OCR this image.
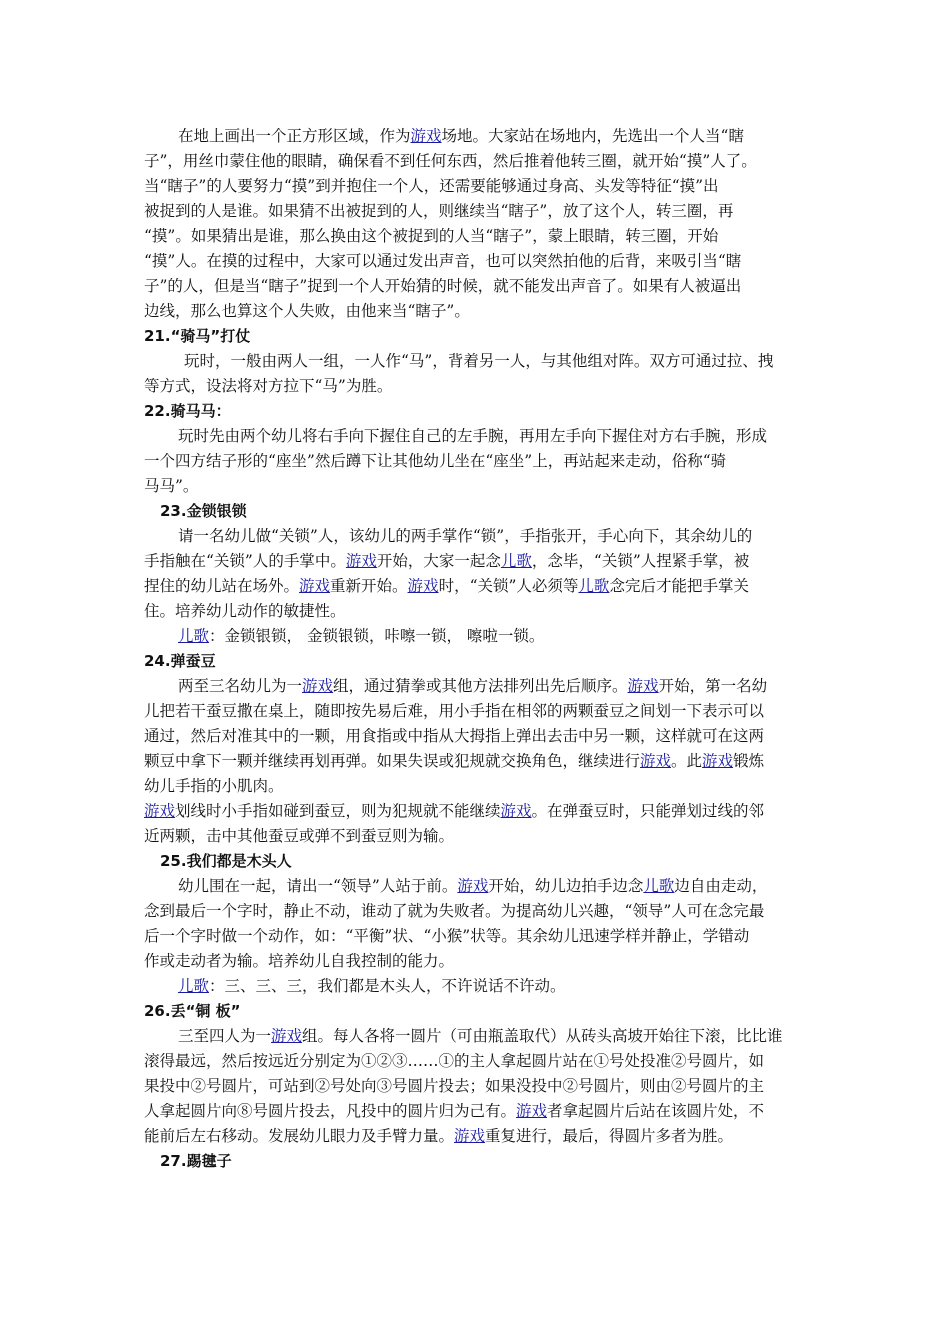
在地上画出一个正方形区域，作为游戏场地。大家站在场地内，先选出一个人当“瞎
子”，用丝巾蒙住他的眼睛，确保看不到任何东西，然后推着他转三圈，就开始“摸”人了。
当“瞎子”的人要努力“摸”到并抱住一个人，还需要能够通过身高、头发等特征“摸”出
被捉到的人是谁。如果猜不出被捉到的人，则继续当“瞎子”，放了这个人，转三圈，再
“摸”。如果猜出是谁，那么换由这个被捉到的人当“瞎子”，蒙上眼睛，转三圈，开始
“摸”人。在摸的过程中，大家可以通过发出声音，也可以突然拍他的后背，来吸引当“瞎
子”的人，但是当“瞎子”捉到一个人开始猜的时候，就不能发出声音了。如果有人被逼出
边线，那么也算这个人失败，由他来当“瞎子”。
21.“骑马”打仗
玩时，一般由两人一组，一人作“马”，背着另一人，与其他组对阵。双方可通过拉、拽
等方式，设法将对方拉下“马”为胜。
22.骑马马：
玩时先由两个幼儿将右手向下握住自己的左手腕，再用左手向下握住对方右手腕，形成
一个四方结子形的“座坐”然后蹲下让其他幼儿坐在“座坐”上，再站起来走动，俗称“骑
马马”。
23.金锁银锁
请一名幼儿做“关锁”人，该幼儿的两手掌作“锁”，手指张开，手心向下，其余幼儿的
手指触在“关锁”人的手掌中。游戏开始，大家一起念儿歌，念毕，“关锁”人捏紧手掌，被
捏住的幼儿站在场外。游戏重新开始。游戏时，“关锁”人必须等儿歌念完后才能把手掌关
住。培养幼儿动作的敏捷性。
儿歌：金锁银锁， 金锁银锁，咔嚓一锁， 嚓啦一锁。
24.弹蚕豆
两至三名幼儿为一游戏组，通过猜拳或其他方法排列出先后顺序。游戏开始，第一名幼
儿把若干蚕豆撒在桌上，随即按先易后难，用小手指在相邻的两颗蚕豆之间划一下表示可以
通过，然后对准其中的一颗，用食指或中指从大拇指上弹出去击中另一颗，这样就可在这两
颗豆中拿下一颗并继续再划再弹。如果失误或犯规就交换角色，继续进行游戏。此游戏锻炼
幼儿手指的小肌肉。
游戏划线时小手指如碰到蚕豆，则为犯规就不能继续游戏。在弹蚕豆时，只能弹划过线的邻
近两颗，击中其他蚕豆或弹不到蚕豆则为输。
25.我们都是木头人
幼儿围在一起，请出一“领导”人站于前。游戏开始，幼儿边拍手边念儿歌边自由走动，
念到最后一个字时，静止不动，谁动了就为失败者。为提高幼儿兴趣，“领导”人可在念完最
后一个字时做一个动作，如：“平衡”状、“小猴”状等。其余幼儿迅速学样并静止，学错动
作或走动者为输。培养幼儿自我控制的能力。
儿歌：三、三、三，我们都是木头人，不许说话不许动。
26.丢“铜 板”
三至四人为一游戏组。每人各将一圆片（可由瓶盖取代）从砖头高坡开始往下滚，比比谁
滚得最远，然后按远近分别定为①②③……①的主人拿起圆片站在①号处投准②号圆片，如
果投中②号圆片，可站到②号处向③号圆片投去；如果没投中②号圆片，则由②号圆片的主
人拿起圆片向⑧号圆片投去，凡投中的圆片归为己有。游戏者拿起圆片后站在该圆片处，不
能前后左右移动。发展幼儿眼力及手臂力量。游戏重复进行，最后，得圆片多者为胜。
27.踢毽子
